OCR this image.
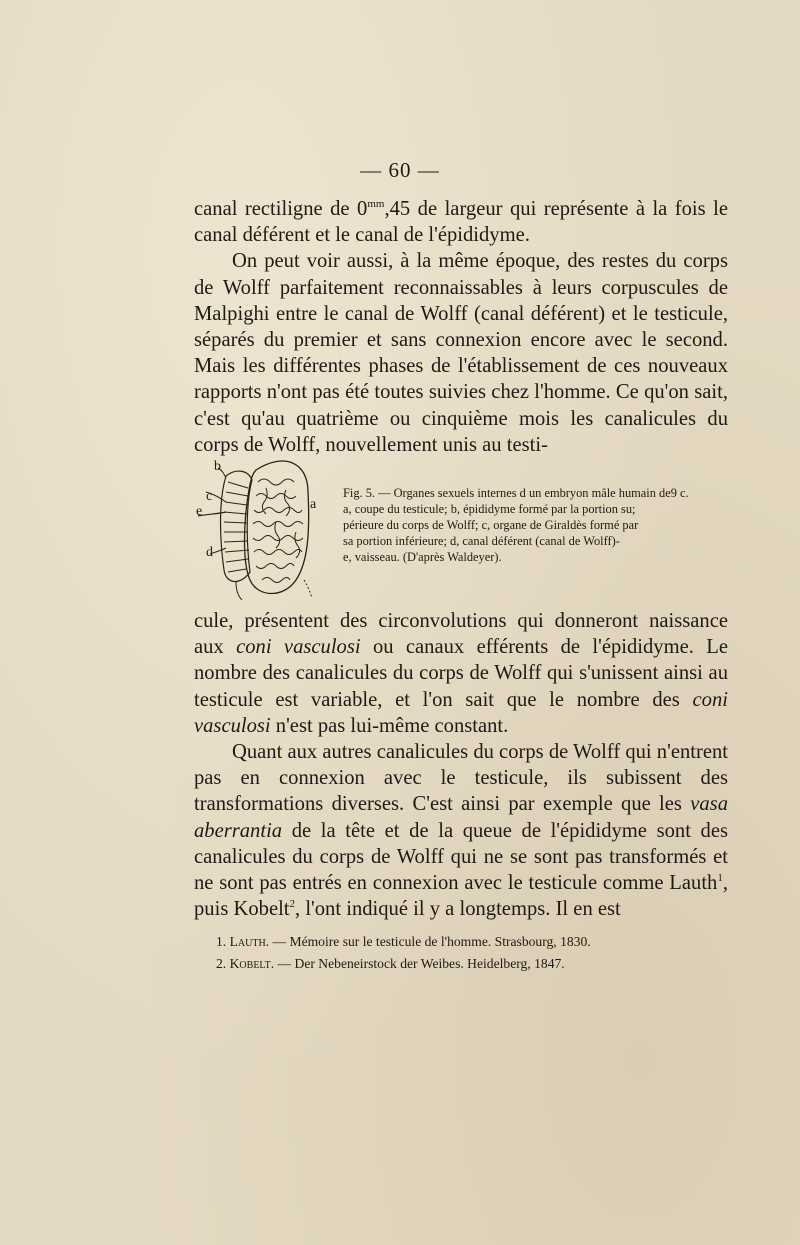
— 60 —

canal rectiligne de $0^{mm},45$ de largeur qui représente à la fois le canal déférent et le canal de l'épididyme.

On peut voir aussi, à la même époque, des restes du corps de Wolff parfaitement reconnaissables à leurs corpuscules de Malpighi entre le canal de Wolff (canal déférent) et le testicule, séparés du premier et sans connexion encore avec le second. Mais les différentes phases de l'établissement de ces nouveaux rapports n'ont pas été toutes suivies chez l'homme. Ce qu'on sait, c'est qu'au quatrième ou cinquième mois les canalicules du corps de Wolff, nouvellement unis au testi-

b
c
e
d
a

Fig. 5. — Organes sexuels internes d un embryon mâle humain de9 c.

a, coupe du testicule; b, épididyme formé par la portion su;

périeure du corps de Wolff; c, organe de Giraldès formé par

sa portion inférieure; d, canal déférent (canal de Wolff)-

e, vaisseau. (D'après Waldeyer).

cule, présentent des circonvolutions qui donneront naissance aux coni vasculosi ou canaux efférents de l'épididyme. Le nombre des canalicules du corps de Wolff qui s'unissent ainsi au testicule est variable, et l'on sait que le nombre des coni vasculosi n'est pas lui-même constant.

Quant aux autres canalicules du corps de Wolff qui n'entrent pas en connexion avec le testicule, ils subissent des transformations diverses. C'est ainsi par exemple que les vasa aberrantia de la tête et de la queue de l'épididyme sont des canalicules du corps de Wolff qui ne se sont pas transformés et ne sont pas entrés en connexion avec le testicule comme Lauth$^1$, puis Kobelt$^2$, l'ont indiqué il y a longtemps. Il en est

1. Lauth. — Mémoire sur le testicule de l'homme. Strasbourg, 1830.

2. Kobelt. — Der Nebeneirstock der Weibes. Heidelberg, 1847.
